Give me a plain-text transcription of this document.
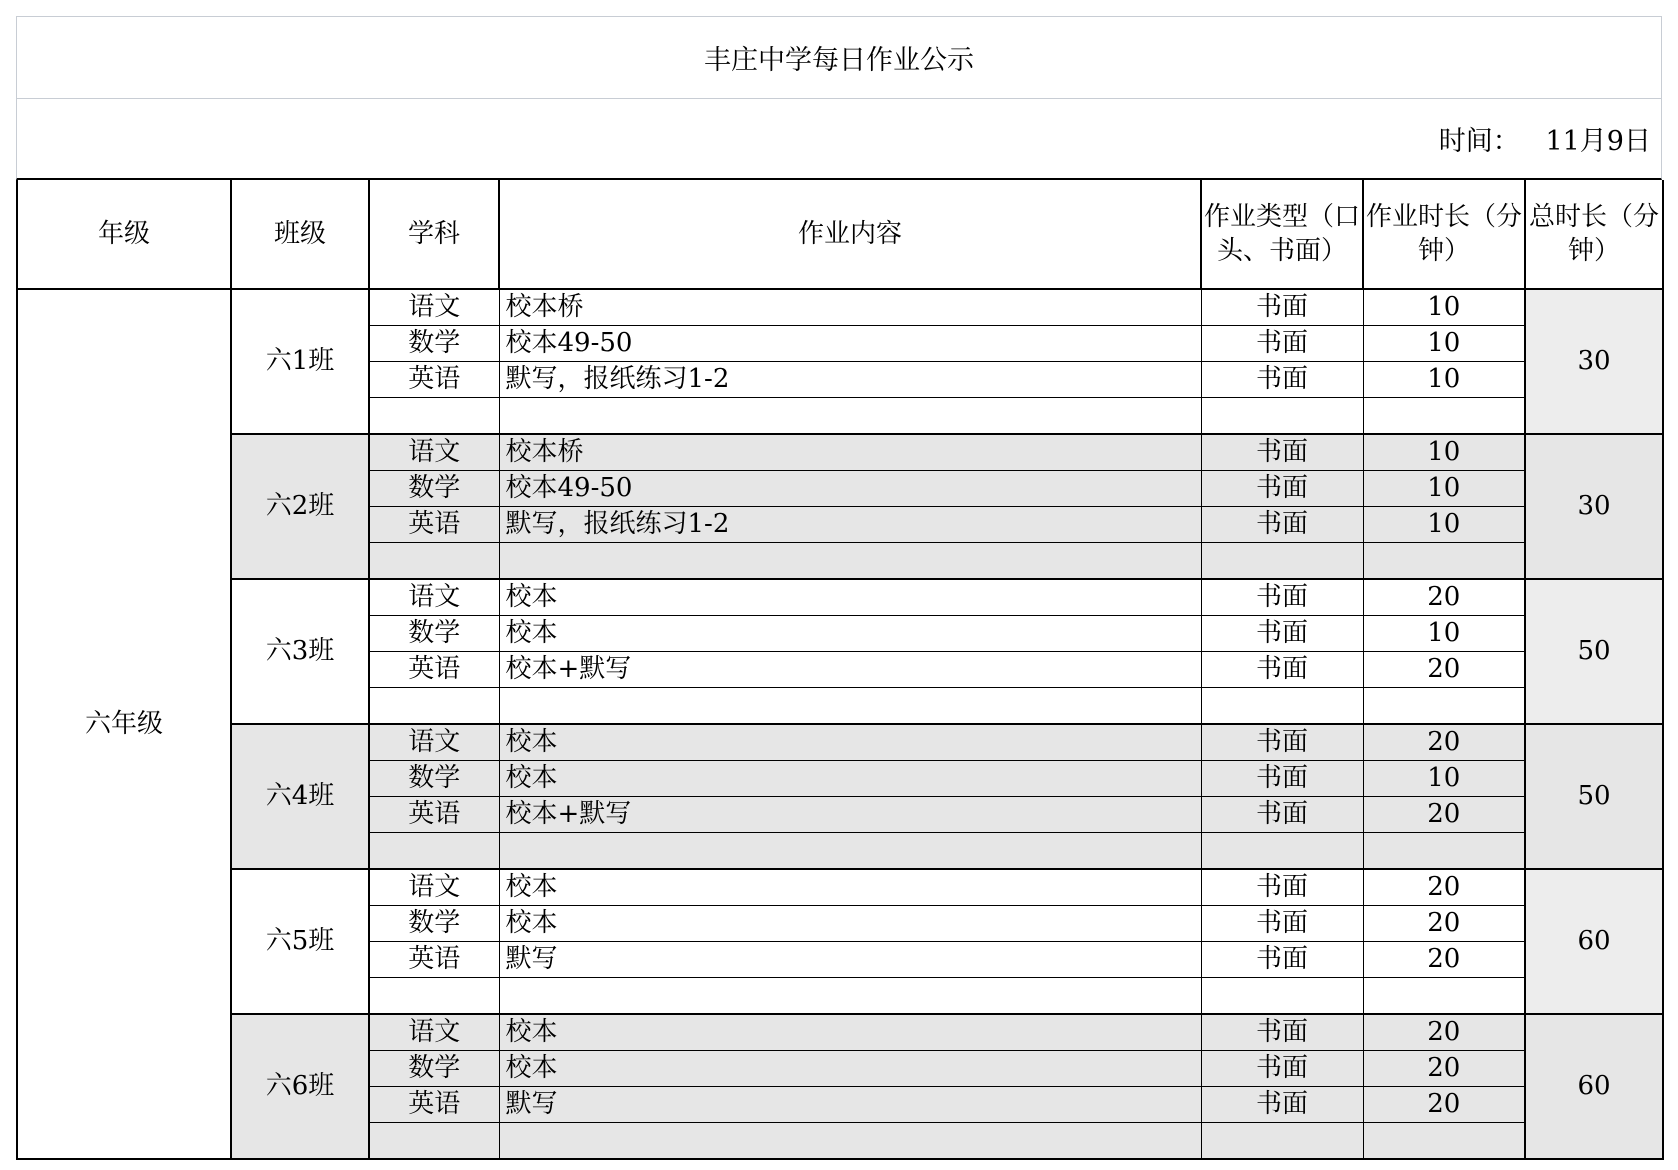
丰庄中学每日作业公示
时间：
11月9日
年级	班级	学科	作业内容	作业类型（口头、书面）	作业时长（分钟）	总时长（分钟）
六年级	六1班	语文	校本桥	书面	10	30
		数学	校本49-50	书面	10	
		英语	默写，报纸练习1-2	书面	10	

	六2班	语文	校本桥	书面	10	30
		数学	校本49-50	书面	10	
		英语	默写，报纸练习1-2	书面	10	

	六3班	语文	校本	书面	20	50
		数学	校本	书面	10	
		英语	校本+默写	书面	20	

	六4班	语文	校本	书面	20	50
		数学	校本	书面	10	
		英语	校本+默写	书面	20	

	六5班	语文	校本	书面	20	60
		数学	校本	书面	20	
		英语	默写	书面	20	

	六6班	语文	校本	书面	20	60
		数学	校本	书面	20	
		英语	默写	书面	20	
